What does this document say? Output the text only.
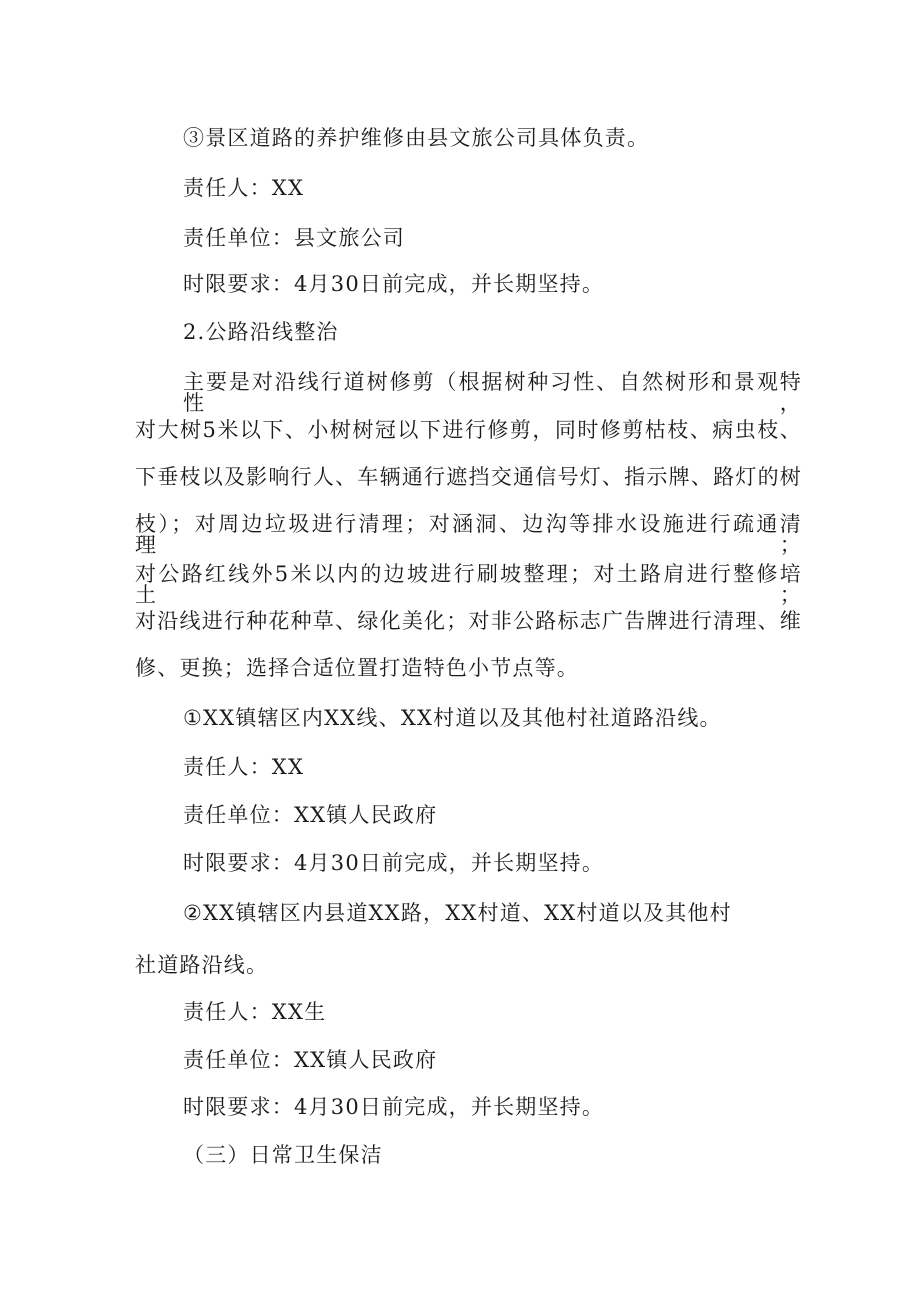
③景区道路的养护维修由县文旅公司具体负责。
责任人：XX
责任单位：县文旅公司
时限要求：4月30日前完成，并长期坚持。
2.公路沿线整治
主要是对沿线行道树修剪（根据树种习性、自然树形和景观特性，
对大树5米以下、小树树冠以下进行修剪，同时修剪枯枝、病虫枝、
下垂枝以及影响行人、车辆通行遮挡交通信号灯、指示牌、路灯的树
枝）；对周边垃圾进行清理；对涵洞、边沟等排水设施进行疏通清理；
对公路红线外5米以内的边坡进行刷坡整理；对土路肩进行整修培土；
对沿线进行种花种草、绿化美化；对非公路标志广告牌进行清理、维
修、更换；选择合适位置打造特色小节点等。
①XX镇辖区内XX线、XX村道以及其他村社道路沿线。
责任人：XX
责任单位：XX镇人民政府
时限要求：4月30日前完成，并长期坚持。
②XX镇辖区内县道XX路，XX村道、XX村道以及其他村
社道路沿线。
责任人：XX生
责任单位：XX镇人民政府
时限要求：4月30日前完成，并长期坚持。
（三）日常卫生保洁
